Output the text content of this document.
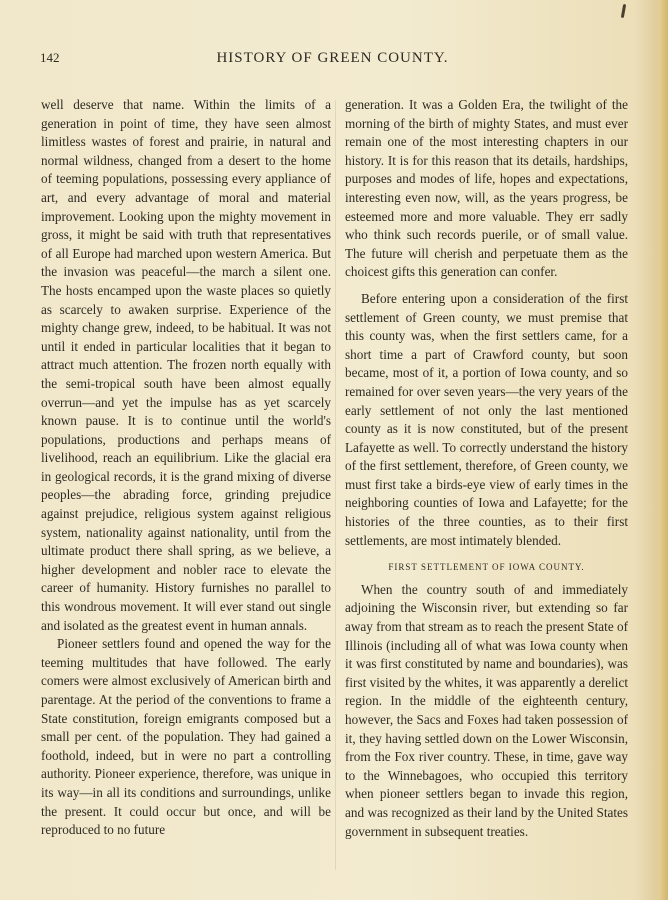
142	HISTORY OF GREEN COUNTY.

well deserve that name. Within the limits of a generation in point of time, they have seen almost limitless wastes of forest and prairie, in natural and normal wildness, changed from a desert to the home of teeming populations, possessing every appliance of art, and every advantage of moral and material improvement. Looking upon the mighty movement in gross, it might be said with truth that representatives of all Europe had marched upon western America. But the invasion was peaceful—the march a silent one. The hosts encamped upon the waste places so quietly as scarcely to awaken surprise. Experience of the mighty change grew, indeed, to be habitual. It was not until it ended in particular localities that it began to attract much attention. The frozen north equally with the semi-tropical south have been almost equally overrun—and yet the impulse has as yet scarcely known pause. It is to continue until the world's populations, productions and perhaps means of livelihood, reach an equilibrium. Like the glacial era in geological records, it is the grand mixing of diverse peoples—the abrading force, grinding prejudice against prejudice, religious system against religious system, nationality against nationality, until from the ultimate product there shall spring, as we believe, a higher development and nobler race to elevate the career of humanity. History furnishes no parallel to this wondrous movement. It will ever stand out single and isolated as the greatest event in human annals.

Pioneer settlers found and opened the way for the teeming multitudes that have followed. The early comers were almost exclusively of American birth and parentage. At the period of the conventions to frame a State constitution, foreign emigrants composed but a small per cent. of the population. They had gained a foothold, indeed, but in were no part a controlling authority. Pioneer experience, therefore, was unique in its way—in all its conditions and surroundings, unlike the present. It could occur but once, and will be reproduced to no future

generation. It was a Golden Era, the twilight of the morning of the birth of mighty States, and must ever remain one of the most interesting chapters in our history. It is for this reason that its details, hardships, purposes and modes of life, hopes and expectations, interesting even now, will, as the years progress, be esteemed more and more valuable. They err sadly who think such records puerile, or of small value. The future will cherish and perpetuate them as the choicest gifts this generation can confer.

Before entering upon a consideration of the first settlement of Green county, we must premise that this county was, when the first settlers came, for a short time a part of Crawford county, but soon became, most of it, a portion of Iowa county, and so remained for over seven years—the very years of the early settlement of not only the last mentioned county as it is now constituted, but of the present Lafayette as well. To correctly understand the history of the first settlement, therefore, of Green county, we must first take a birds-eye view of early times in the neighboring counties of Iowa and Lafayette; for the histories of the three counties, as to their first settlements, are most intimately blended.

FIRST SETTLEMENT OF IOWA COUNTY.

When the country south of and immediately adjoining the Wisconsin river, but extending so far away from that stream as to reach the present State of Illinois (including all of what was Iowa county when it was first constituted by name and boundaries), was first visited by the whites, it was apparently a derelict region. In the middle of the eighteenth century, however, the Sacs and Foxes had taken possession of it, they having settled down on the Lower Wisconsin, from the Fox river country. These, in time, gave way to the Winnebagoes, who occupied this territory when pioneer settlers began to invade this region, and was recognized as their land by the United States government in subsequent treaties.
